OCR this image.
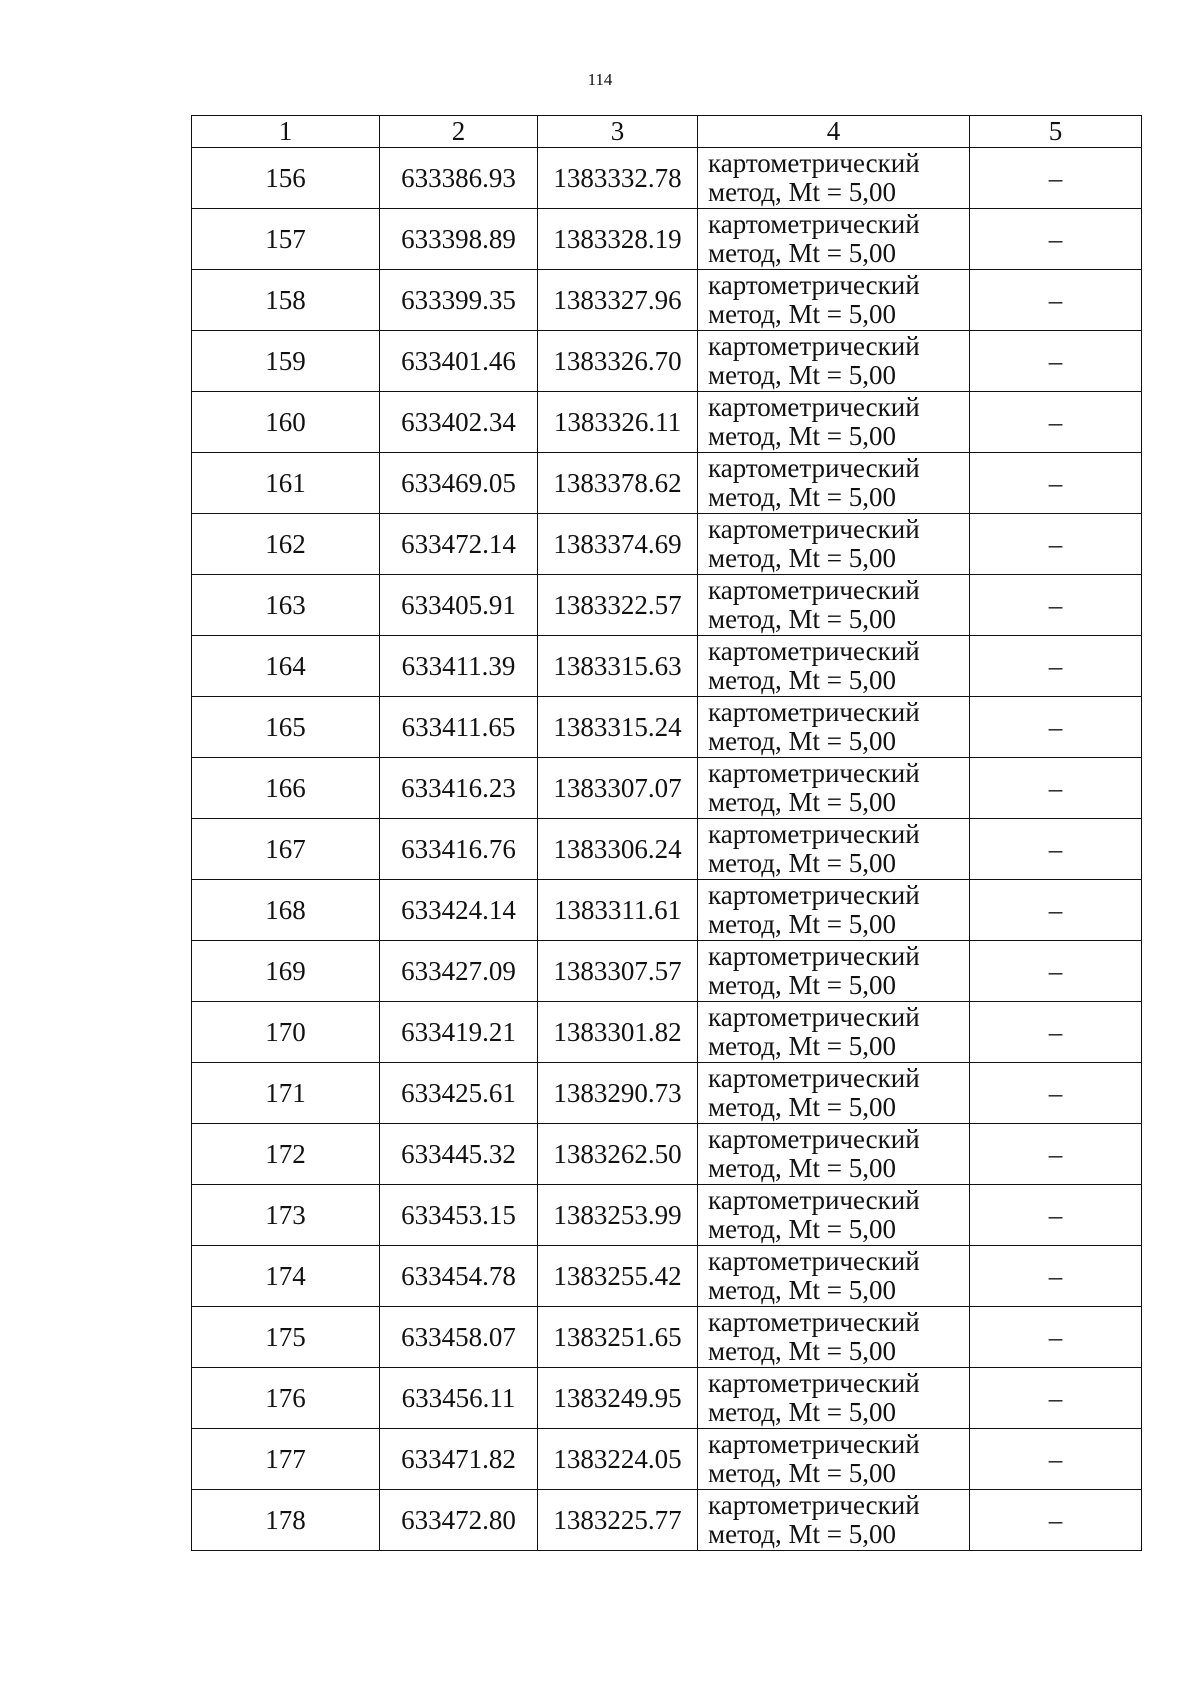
114
1	2	3	4	5
156	633386.93	1383332.78	картометрический
метод, Mt = 5,00	–
157	633398.89	1383328.19	картометрический
метод, Mt = 5,00	–
158	633399.35	1383327.96	картометрический
метод, Mt = 5,00	–
159	633401.46	1383326.70	картометрический
метод, Mt = 5,00	–
160	633402.34	1383326.11	картометрический
метод, Mt = 5,00	–
161	633469.05	1383378.62	картометрический
метод, Mt = 5,00	–
162	633472.14	1383374.69	картометрический
метод, Mt = 5,00	–
163	633405.91	1383322.57	картометрический
метод, Mt = 5,00	–
164	633411.39	1383315.63	картометрический
метод, Mt = 5,00	–
165	633411.65	1383315.24	картометрический
метод, Mt = 5,00	–
166	633416.23	1383307.07	картометрический
метод, Mt = 5,00	–
167	633416.76	1383306.24	картометрический
метод, Mt = 5,00	–
168	633424.14	1383311.61	картометрический
метод, Mt = 5,00	–
169	633427.09	1383307.57	картометрический
метод, Mt = 5,00	–
170	633419.21	1383301.82	картометрический
метод, Mt = 5,00	–
171	633425.61	1383290.73	картометрический
метод, Mt = 5,00	–
172	633445.32	1383262.50	картометрический
метод, Mt = 5,00	–
173	633453.15	1383253.99	картометрический
метод, Mt = 5,00	–
174	633454.78	1383255.42	картометрический
метод, Mt = 5,00	–
175	633458.07	1383251.65	картометрический
метод, Mt = 5,00	–
176	633456.11	1383249.95	картометрический
метод, Mt = 5,00	–
177	633471.82	1383224.05	картометрический
метод, Mt = 5,00	–
178	633472.80	1383225.77	картометрический
метод, Mt = 5,00	–
